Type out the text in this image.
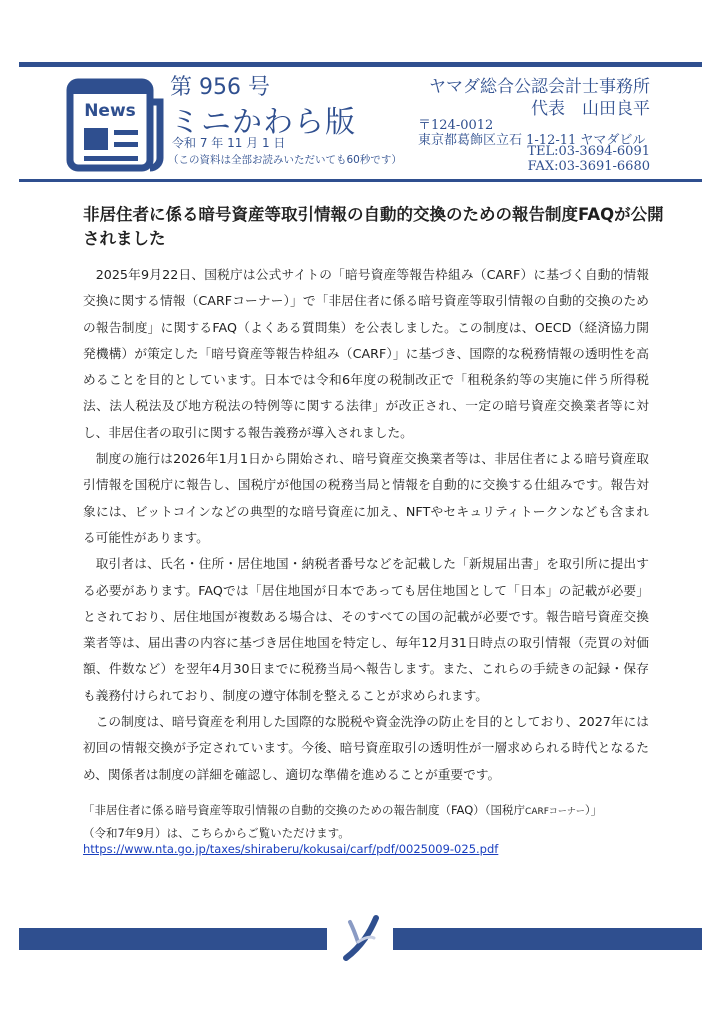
News
第 956 号
ミニかわら版
令和 7 年 11 月 1 日
（この資料は全部お読みいただいても60秒です）
ヤマダ総合公認会計士事務所
代表　山田良平
〒124-0012
東京都葛飾区立石 1-12-11 ヤマダビル
TEL:03-3694-6091
FAX:03-3691-6680
非居住者に係る暗号資産等取引情報の自動的交換のための報告制度FAQが公開されました

2025年9月22日、国税庁は公式サイトの「暗号資産等報告枠組み（CARF）に基づく自動的情報交換に関する情報（CARFコーナー）」で「非居住者に係る暗号資産等取引情報の自動的交換のための報告制度」に関するFAQ（よくある質問集）を公表しました。この制度は、OECD（経済協力開発機構）が策定した「暗号資産等報告枠組み（CARF）」に基づき、国際的な税務情報の透明性を高めることを目的としています。日本では令和6年度の税制改正で「租税条約等の実施に伴う所得税法、法人税法及び地方税法の特例等に関する法律」が改正され、一定の暗号資産交換業者等に対し、非居住者の取引に関する報告義務が導入されました。

制度の施行は2026年1月1日から開始され、暗号資産交換業者等は、非居住者による暗号資産取引情報を国税庁に報告し、国税庁が他国の税務当局と情報を自動的に交換する仕組みです。報告対象には、ビットコインなどの典型的な暗号資産に加え、NFTやセキュリティトークンなども含まれる可能性があります。

取引者は、氏名・住所・居住地国・納税者番号などを記載した「新規届出書」を取引所に提出する必要があります。FAQでは「居住地国が日本であっても居住地国として「日本」の記載が必要」とされており、居住地国が複数ある場合は、そのすべての国の記載が必要です。報告暗号資産交換業者等は、届出書の内容に基づき居住地国を特定し、毎年12月31日時点の取引情報（売買の対価額、件数など）を翌年4月30日までに税務当局へ報告します。また、これらの手続きの記録・保存も義務付けられており、制度の遵守体制を整えることが求められます。

この制度は、暗号資産を利用した国際的な脱税や資金洗浄の防止を目的としており、2027年には初回の情報交換が予定されています。今後、暗号資産取引の透明性が一層求められる時代となるため、関係者は制度の詳細を確認し、適切な準備を進めることが重要です。

「非居住者に係る暗号資産等取引情報の自動的交換のための報告制度（FAQ）（国税庁CARFコーナー）」
（令和7年9月）は、こちらからご覧いただけます。
https://www.nta.go.jp/taxes/shiraberu/kokusai/carf/pdf/0025009-025.pdf
